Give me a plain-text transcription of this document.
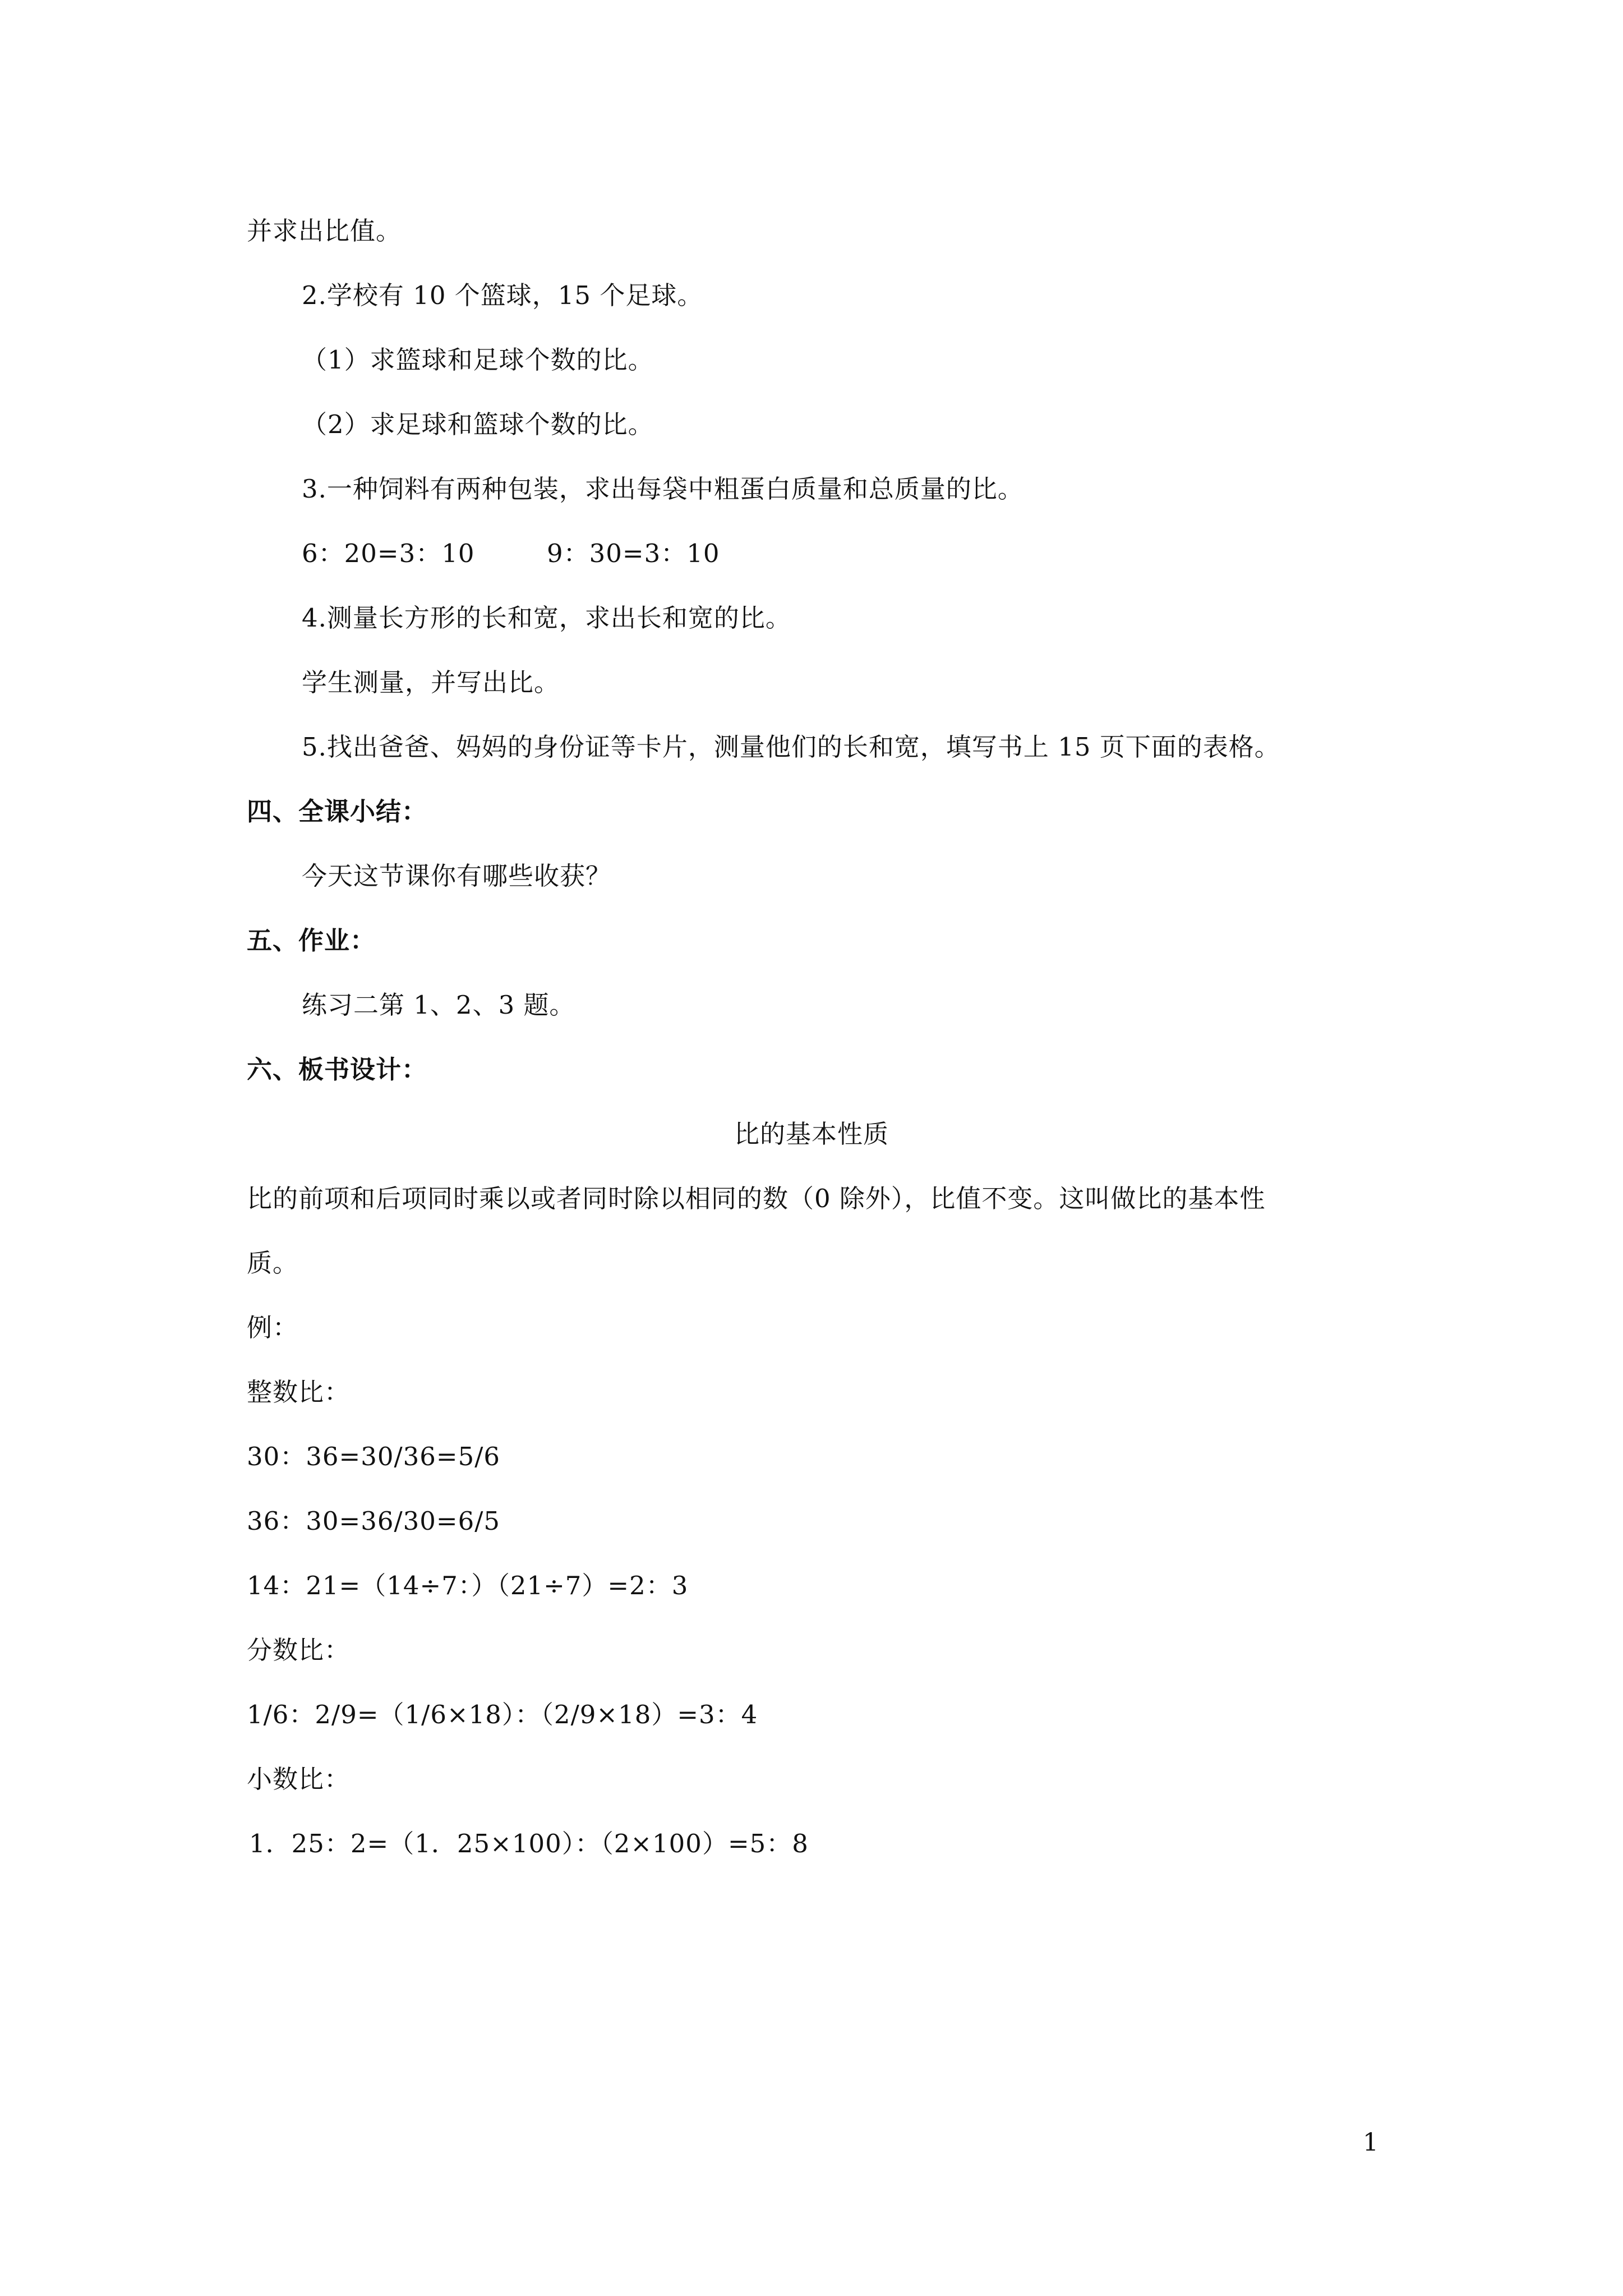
并求出比值。
2.学校有 10 个篮球，15 个足球。
（1）求篮球和足球个数的比。
（2）求足球和篮球个数的比。
3.一种饲料有两种包装，求出每袋中粗蛋白质量和总质量的比。
6：20=3：10	9：30=3：10
4.测量长方形的长和宽，求出长和宽的比。
学生测量，并写出比。
5.找出爸爸、妈妈的身份证等卡片，测量他们的长和宽，填写书上 15 页下面的表格。
四、全课小结：
今天这节课你有哪些收获？
五、作业：
练习二第 1、2、3 题。
六、板书设计：
比的基本性质
比的前项和后项同时乘以或者同时除以相同的数（0 除外），比值不变。这叫做比的基本性
质。
例：
整数比：
30：36=30/36=5/6
36：30=36/30=6/5
14：21=（14÷7：）（21÷7）=2：3
分数比：
1/6：2/9=（1/6×18）：（2/9×18）=3：4
小数比：
1．25：2=（1．25×100）：（2×100）=5：8
1
